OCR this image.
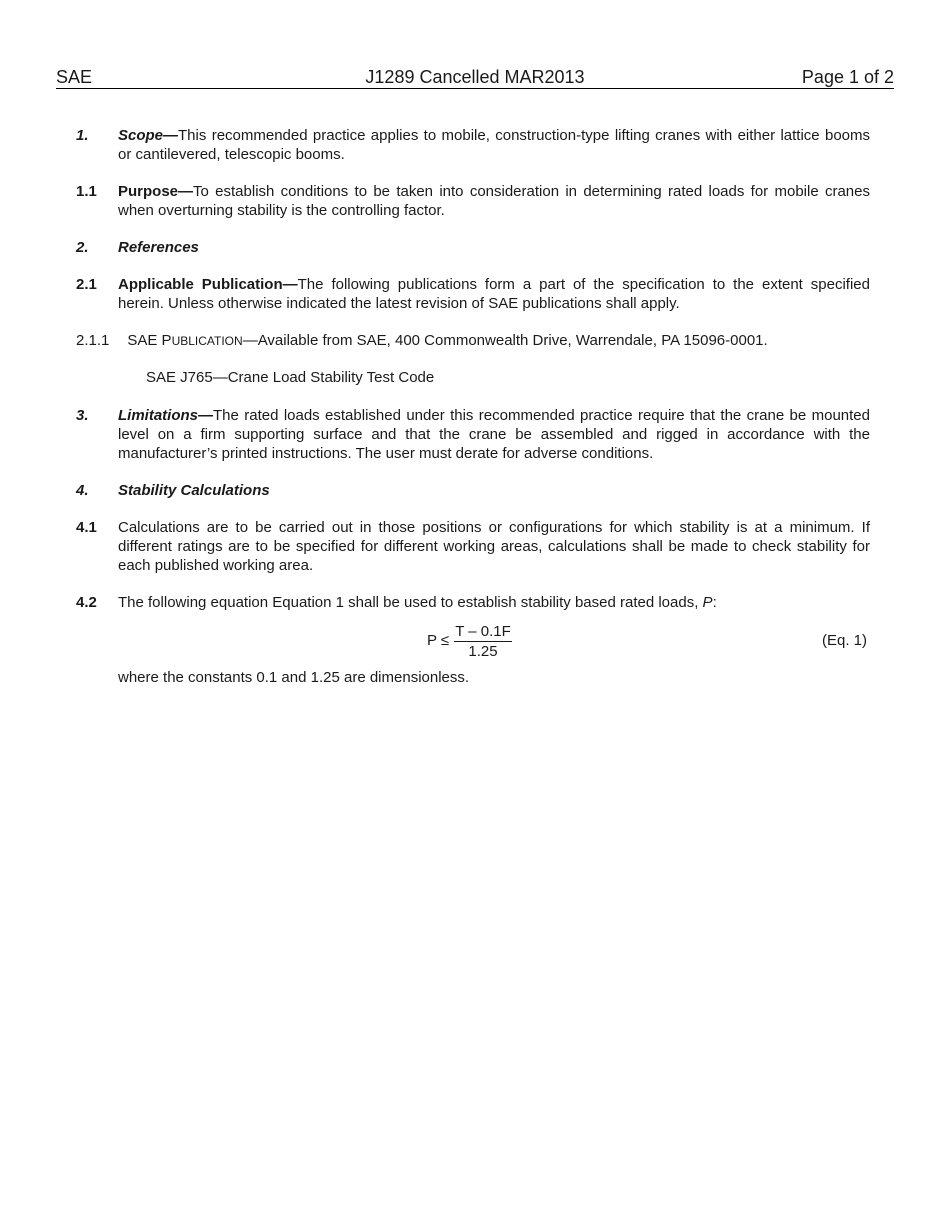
SAE	J1289 Cancelled MAR2013	Page 1 of 2
1. Scope—This recommended practice applies to mobile, construction-type lifting cranes with either lattice booms or cantilevered, telescopic booms.
1.1 Purpose—To establish conditions to be taken into consideration in determining rated loads for mobile cranes when overturning stability is the controlling factor.
2. References
2.1 Applicable Publication—The following publications form a part of the specification to the extent specified herein. Unless otherwise indicated the latest revision of SAE publications shall apply.
2.1.1 SAE PUBLICATION—Available from SAE, 400 Commonwealth Drive, Warrendale, PA 15096-0001.
SAE J765—Crane Load Stability Test Code
3. Limitations—The rated loads established under this recommended practice require that the crane be mounted level on a firm supporting surface and that the crane be assembled and rigged in accordance with the manufacturer’s printed instructions. The user must derate for adverse conditions.
4. Stability Calculations
4.1 Calculations are to be carried out in those positions or configurations for which stability is at a minimum. If different ratings are to be specified for different working areas, calculations shall be made to check stability for each published working area.
4.2 The following equation Equation 1 shall be used to establish stability based rated loads, P:
$P \le \frac{T - 0.1F}{1.25}$	(Eq. 1)
where the constants 0.1 and 1.25 are dimensionless.
